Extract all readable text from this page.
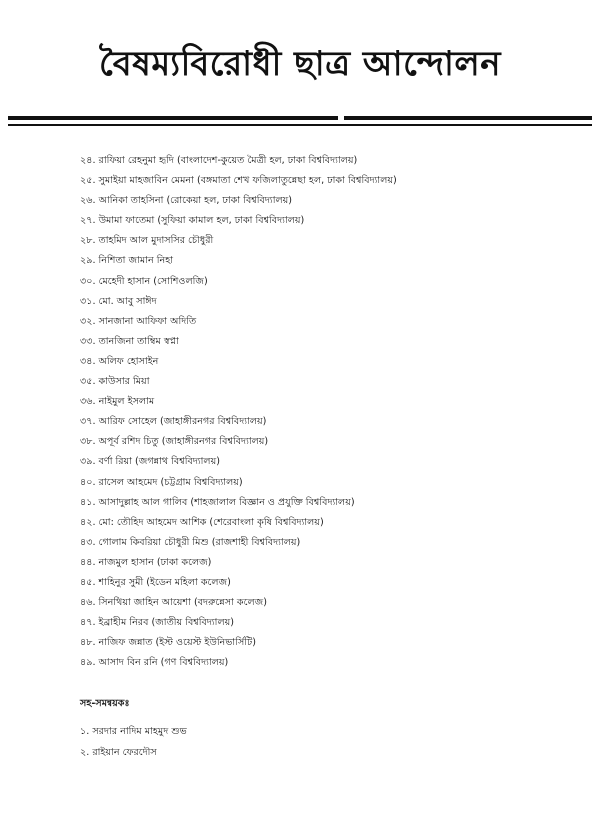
বৈষম্যবিরোধী ছাত্র আন্দোলন
২৪. রাফিয়া রেহনুমা হৃদি (বাংলাদেশ-কুয়েত মৈত্রী হল, ঢাকা বিশ্ববিদ্যালয়)
২৫. সুমাইয়া মাহজাবিন মেমনা (বঙ্গমাতা শেখ ফজিলাতুন্নেছা হল, ঢাকা বিশ্ববিদ্যালয়)
২৬. আনিকা তাহসিনা (রোকেয়া হল, ঢাকা বিশ্ববিদ্যালয়)
২৭. উমামা ফাতেমা (সুফিয়া কামাল হল, ঢাকা বিশ্ববিদ্যালয়)
২৮. তাহমিদ আল মুদাসসির চৌধুরী
২৯. নিশিতা জামান নিহা
৩০. মেহেদী হাসান (সোশিওলজি)
৩১. মো. আবু সাঈদ
৩২. সানজানা আফিফা অদিতি
৩৩. তানজিনা তাম্বিম স্বপ্না
৩৪. অলিফ হোসাইন
৩৫. কাউসার মিয়া
৩৬. নাইমুল ইসলাম
৩৭. আরিফ সোহেল (জাহাঙ্গীরনগর বিশ্ববিদ্যালয়)
৩৮. অপূর্ব রশিদ চিতু (জাহাঙ্গীরনগর বিশ্ববিদ্যালয়)
৩৯. বর্ণা রিয়া (জগন্নাথ বিশ্ববিদ্যালয়)
৪০. রাসেল আহমেদ (চট্টগ্রাম বিশ্ববিদ্যালয়)
৪১. আসাদুল্লাহ আল গালিব (শাহজালাল বিজ্ঞান ও প্রযুক্তি বিশ্ববিদ্যালয়)
৪২. মো: তৌহিদ আহমেদ আশিক (শেরেবাংলা কৃষি বিশ্ববিদ্যালয়)
৪৩. গোলাম কিবরিয়া চৌধুরী মিশু (রাজশাহী বিশ্ববিদ্যালয়)
৪৪. নাজমুল হাসান (ঢাকা কলেজ)
৪৫. শাহিনুর সুমী (ইডেন মহিলা কলেজ)
৪৬. সিনথিয়া জাহিন আয়েশা (বদরুন্নেসা কলেজ)
৪৭. ইব্রাহীম নিরব (জাতীয় বিশ্ববিদ্যালয়)
৪৮. নাজিফ জন্নাত (ইস্ট ওয়েস্ট ইউনিভার্সিটি)
৪৯. আসাদ বিন রনি (গণ বিশ্ববিদ্যালয়)
সহ-সমন্বয়কঃ
১. সরদার নাদিম মাহমুদ শুভ
২. রাইয়ান ফেরদৌস
